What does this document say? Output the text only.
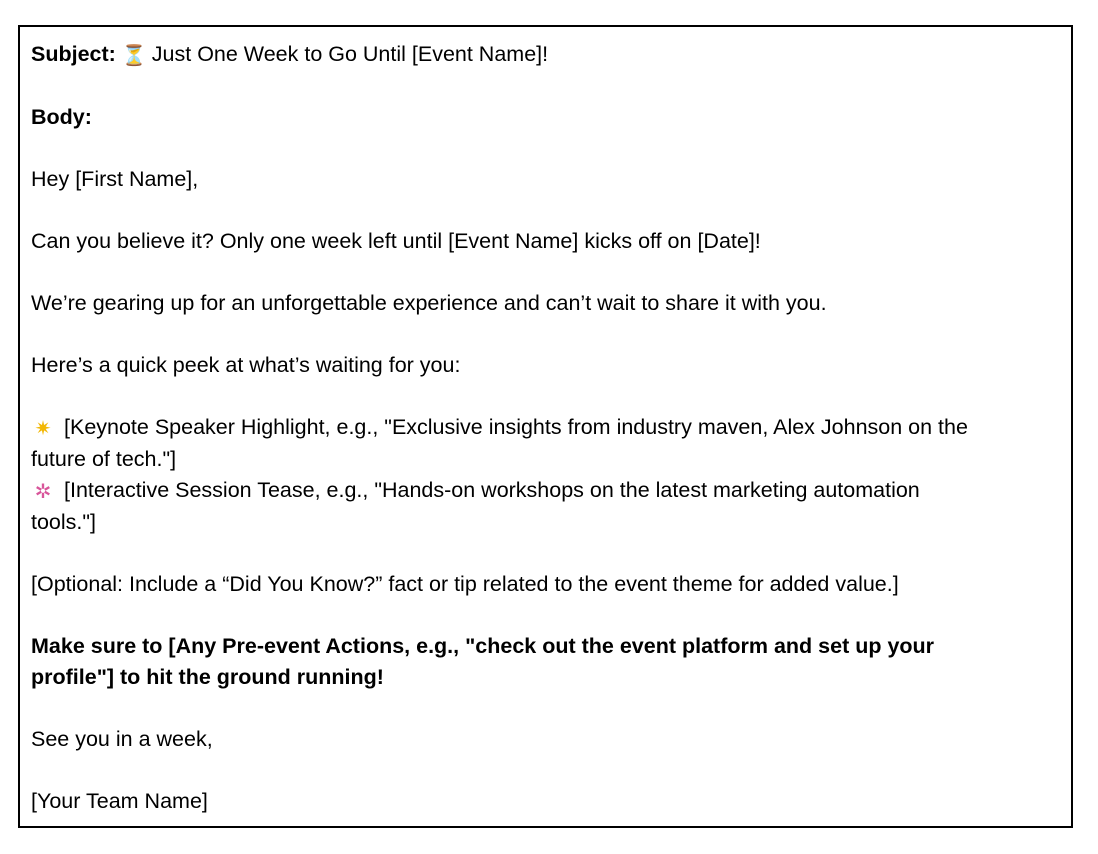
Subject: ⏳ Just One Week to Go Until [Event Name]!

Body:

Hey [First Name],

Can you believe it? Only one week left until [Event Name] kicks off on [Date]!

We’re gearing up for an unforgettable experience and can’t wait to share it with you.

Here’s a quick peek at what’s waiting for you:

✷ [Keynote Speaker Highlight, e.g., "Exclusive insights from industry maven, Alex Johnson on the

future of tech."]

✲ [Interactive Session Tease, e.g., "Hands-on workshops on the latest marketing automation

tools."]

[Optional: Include a “Did You Know?” fact or tip related to the event theme for added value.]

Make sure to [Any Pre-event Actions, e.g., "check out the event platform and set up your

profile"] to hit the ground running!

See you in a week,

[Your Team Name]
